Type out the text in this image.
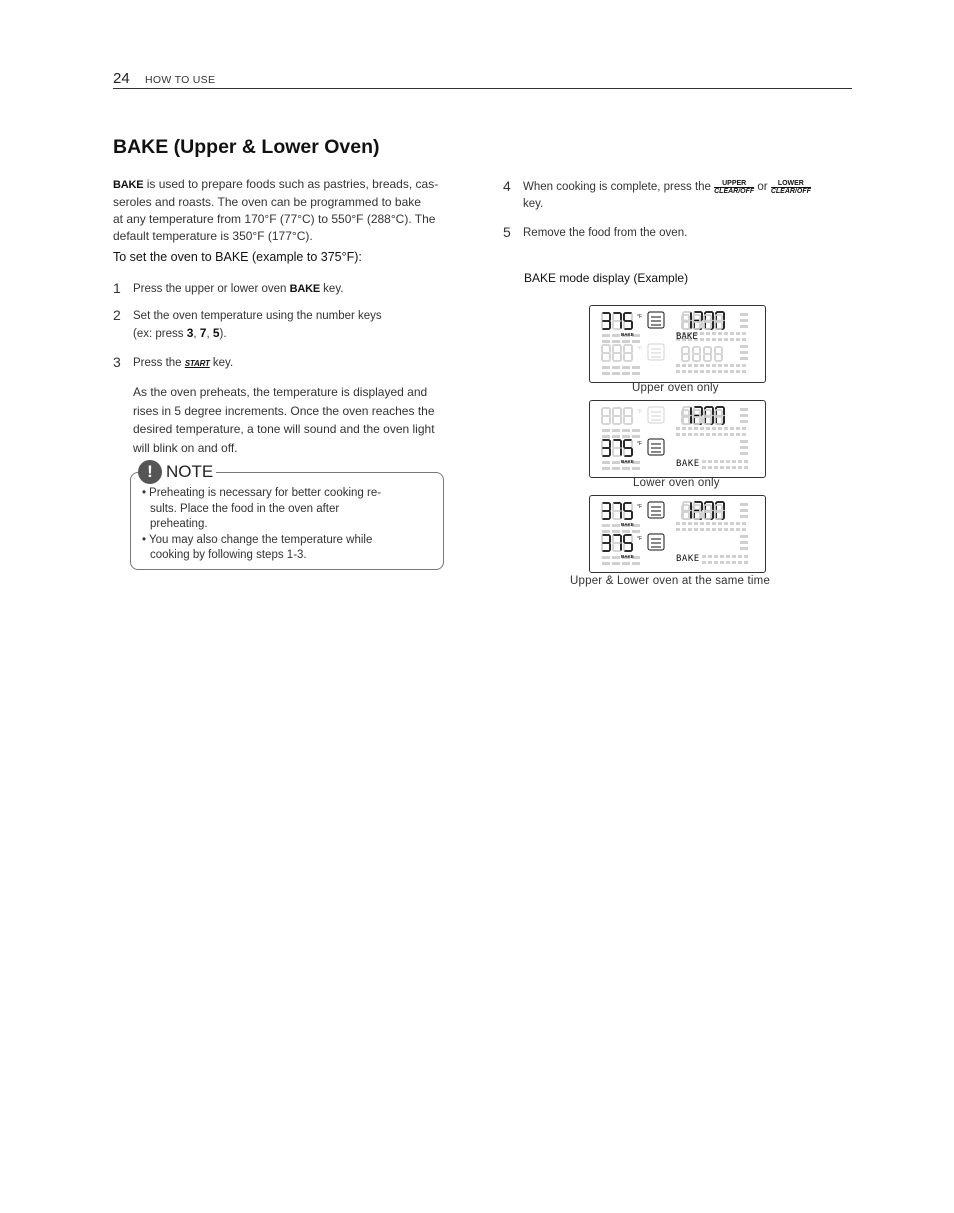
24 HOW TO USE
BAKE (Upper & Lower Oven)
BAKE is used to prepare foods such as pastries, breads, cas-
seroles and roasts. The oven can be programmed to bake
at any temperature from 170°F (77°C) to 550°F (288°C). The
default temperature is 350°F (177°C).
To set the oven to BAKE (example to 375°F):
1 Press the upper or lower oven BAKE key.
2 Set the oven temperature using the number keys
(ex: press 3, 7, 5).
3 Press the START key.
As the oven preheats, the temperature is displayed and
rises in 5 degree increments. Once the oven reaches the
desired temperature, a tone will sound and the oven light
will blink on and off.
! NOTE
• Preheating is necessary for better cooking re-
sults. Place the food in the oven after
preheating.
• You may also change the temperature while
cooking by following steps 1-3.
4 When cooking is complete, press the UPPER
CLEAR/OFF or LOWER
CLEAR/OFF
key.
5 Remove the food from the oven.
BAKE mode display (Example)
°F
BAKE	BAKE
°F
Upper oven only
°F
°F
BAKE	BAKE
Lower oven only
°F
BAKE
°F
BAKE	BAKE
Upper & Lower oven at the same time
